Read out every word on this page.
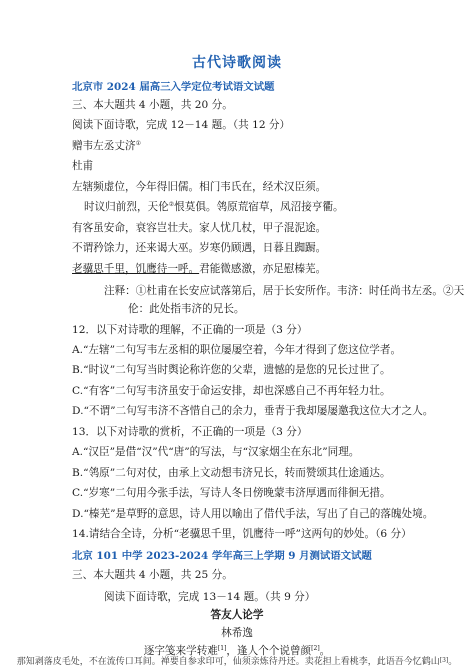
古代诗歌阅读
北京市 2024 届高三入学定位考试语文试题
三、本大题共 4 小题，共 20 分。
阅读下面诗歌，完成 12－14 题。（共 12 分）
赠韦左丞丈济①
杜甫
左辖频虚位，今年得旧儒。相门韦氏在，经术汉臣须。
时议归前烈，天伦②恨莫俱。鸰原荒宿草，凤沼接亨衢。
有客虽安命，衰容岂壮夫。家人忧几杖，甲子混泥途。
不谓矜馀力，还来谒大巫。岁寒仍顾遇，日暮且踟蹰。
老骥思千里，饥鹰待一呼。君能微感激，亦足慰榛芜。
注释：①杜甫在长安应试落第后，居于长安所作。韦济：时任尚书左丞。②天
伦：此处指韦济的兄长。
12．以下对诗歌的理解，不正确的一项是（3 分）
A.“左辖”二句写韦左丞相的职位屡屡空着，今年才得到了您这位学者。
B.“时议”二句写当时舆论称许您的父辈，遗憾的是您的兄长过世了。
C.“有客”二句写韦济虽安于命运安排，却也深感自己不再年轻力壮。
D.“不谓”二句写韦济不吝惜自己的余力，垂青于我却屡屡邀我这位大才之人。
13．以下对诗歌的赏析，不正确的一项是（3 分）
A.“汉臣”是借“汉”代“唐”的写法，与“汉家烟尘在东北”同理。
B.“鸰原”二句对仗，由承上文动想韦济兄长，转而赞颂其仕途通达。
C.“岁寒”二句用今张手法，写诗人冬日傍晚蒙韦济厚遇而徘徊无措。
D.“榛芜”是草野的意思，诗人用以喻出了借代手法，写出了自己的落魄处境。
14.请结合全诗，分析“老骥思千里，饥鹰待一呼”这两句的妙处。（6 分）
北京 101 中学 2023-2024 学年高三上学期 9 月测试语文试题
三、本大题共 4 小题，共 25 分。
阅读下面诗歌，完成 13－14 题。（共 9 分）
答友人论学
林希逸
逐字笺来学转难[1]，逢人个个说曾颜[2]。
那知剥落皮毛处，不在流传口耳间。禅要自参求印可，仙须亲炼待丹还。卖花担上看桃李，此语吾今忆鹤山[3]。
